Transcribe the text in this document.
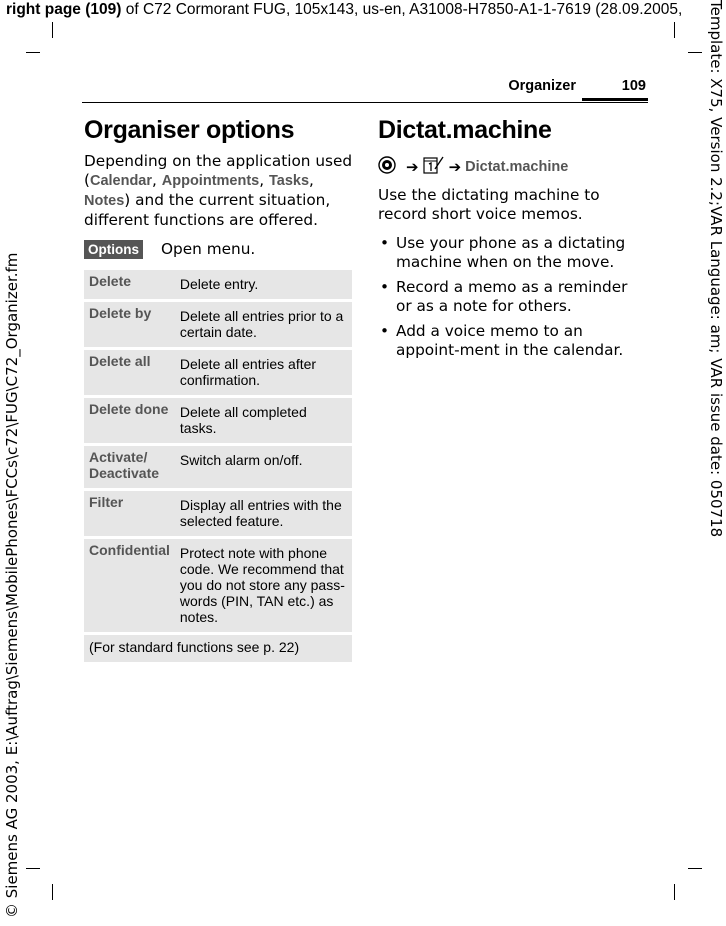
right page (109) of C72 Cormorant FUG, 105x143, us-en, A31008-H7850-A1-1-7619 (28.09.2005,
© Siemens AG 2003, E:\Auftrag\Siemens\MobilePhones\FCCs\c72\FUG\C72_Organizer.fm	Template: X75, Version 2.2;VAR Language: am; VAR issue date: 050718
Organizer	109
Organiser options
Depending on the application used (Calendar, Appointments, Tasks, Notes) and the current situation, different functions are offered.
Options Open menu.
Delete	Delete entry.
Delete by	Delete all entries prior to a certain date.
Delete all	Delete all entries after confirmation.
Delete done	Delete all completed tasks.
Activate/ Deactivate	Switch alarm on/off.
Filter	Display all entries with the selected feature.
Confidential	Protect note with phone code. We recommend that you do not store any pass-words (PIN, TAN etc.) as notes.
(For standard functions see p. 22)	
Dictat.machine
➔ ➔ Dictat.machine
Use the dictating machine to record short voice memos.
• Use your phone as a dictating machine when on the move.
• Record a memo as a reminder or as a note for others.
• Add a voice memo to an appoint-ment in the calendar.
